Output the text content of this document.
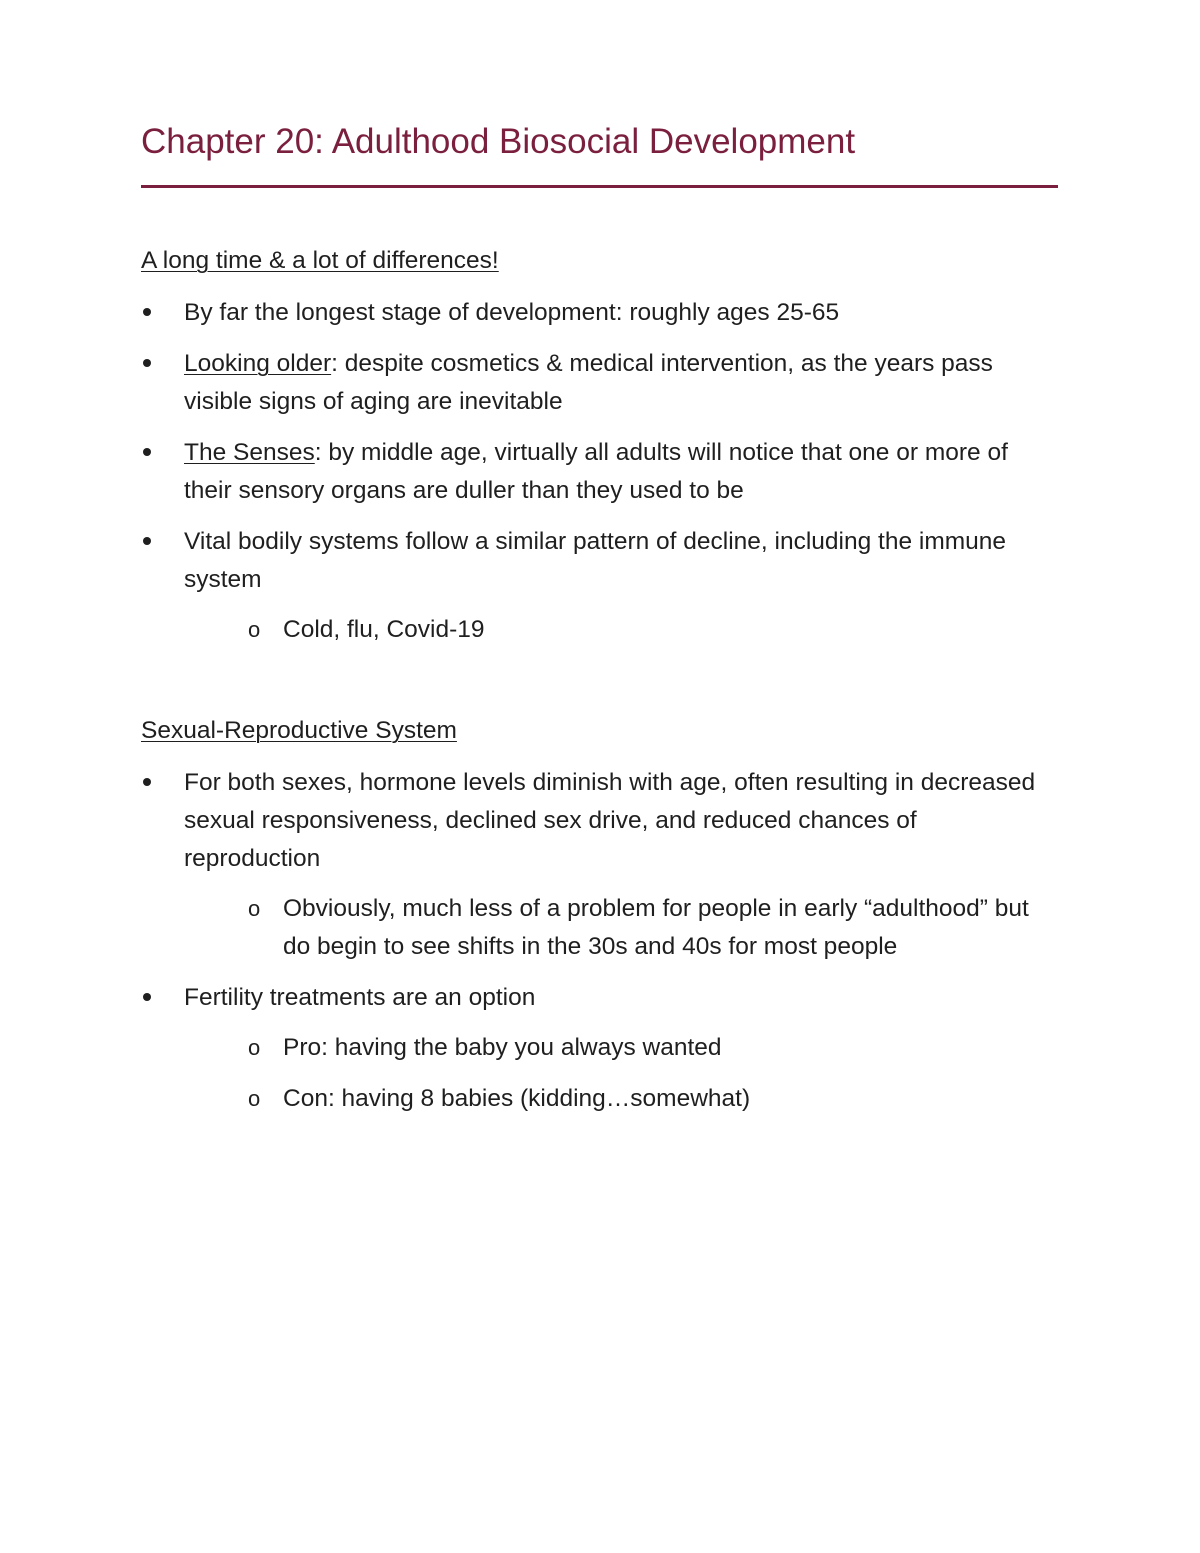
Chapter 20: Adulthood Biosocial Development

A long time & a lot of differences!

By far the longest stage of development: roughly ages 25-65
Looking older: despite cosmetics & medical intervention, as the years pass visible signs of aging are inevitable
The Senses: by middle age, virtually all adults will notice that one or more of their sensory organs are duller than they used to be
Vital bodily systems follow a similar pattern of decline, including the immune system
o Cold, flu, Covid-19

Sexual-Reproductive System

For both sexes, hormone levels diminish with age, often resulting in decreased sexual responsiveness, declined sex drive, and reduced chances of reproduction
o Obviously, much less of a problem for people in early “adulthood” but do begin to see shifts in the 30s and 40s for most people
Fertility treatments are an option
o Pro: having the baby you always wanted
o Con: having 8 babies (kidding…somewhat)
